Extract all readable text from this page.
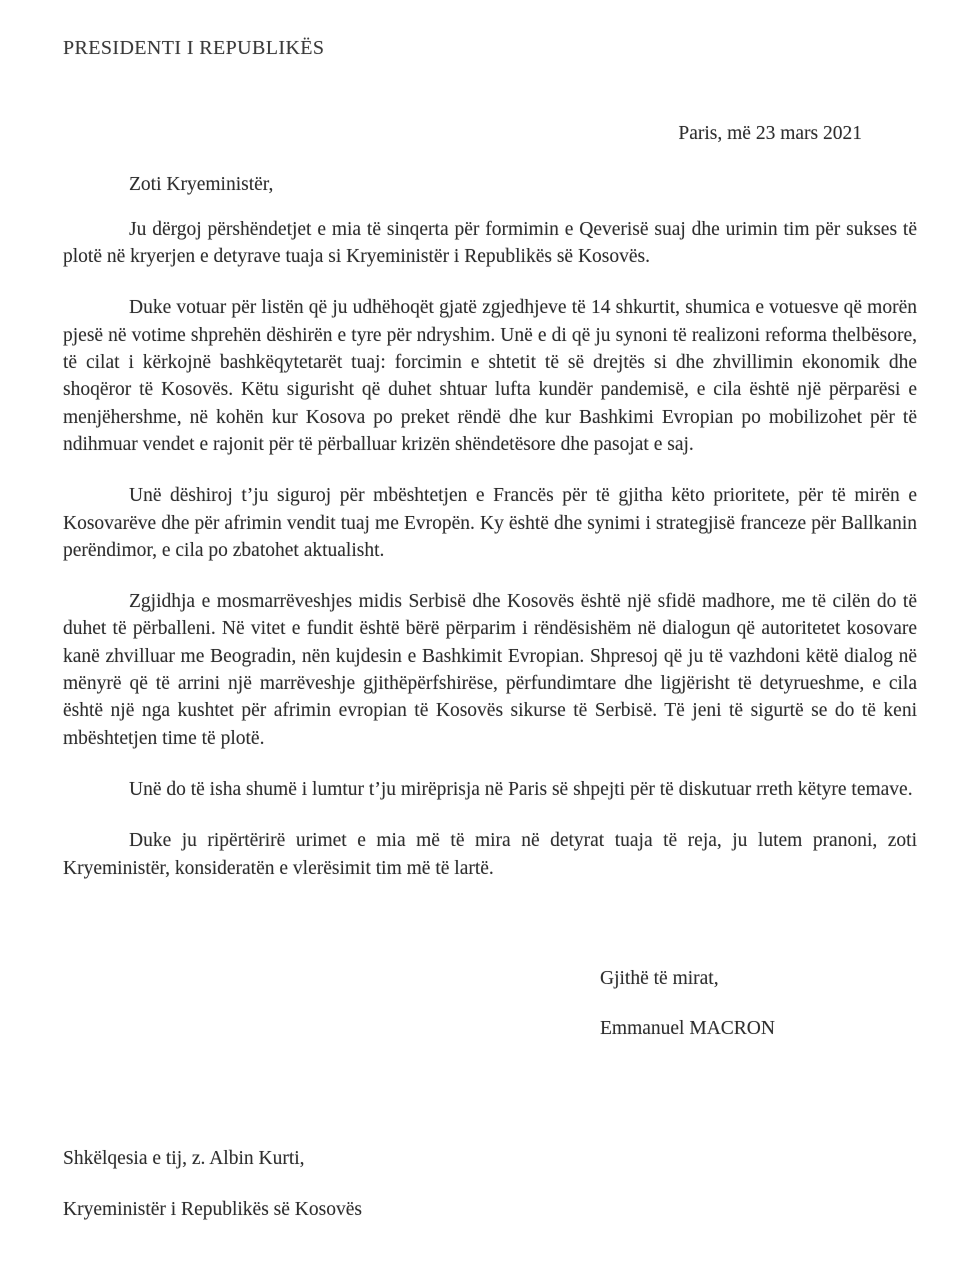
PRESIDENTI I REPUBLIKËS
Paris, më 23 mars 2021
Zoti Kryeministër,

Ju dërgoj përshëndetjet e mia të sinqerta për formimin e Qeverisë suaj dhe urimin tim për sukses të plotë në kryerjen e detyrave tuaja si Kryeministër i Republikës së Kosovës.

Duke votuar për listën që ju udhëhoqët gjatë zgjedhjeve të 14 shkurtit, shumica e votuesve që morën pjesë në votime shprehën dëshirën e tyre për ndryshim. Unë e di që ju synoni të realizoni reforma thelbësore, të cilat i kërkojnë bashkëqytetarët tuaj: forcimin e shtetit të së drejtës si dhe zhvillimin ekonomik dhe shoqëror të Kosovës. Këtu sigurisht që duhet shtuar lufta kundër pandemisë, e cila është një përparësi e menjëhershme, në kohën kur Kosova po preket rëndë dhe kur Bashkimi Evropian po mobilizohet për të ndihmuar vendet e rajonit për të përballuar krizën shëndetësore dhe pasojat e saj.

Unë dëshiroj t’ju siguroj për mbështetjen e Francës për të gjitha këto prioritete, për të mirën e Kosovarëve dhe për afrimin vendit tuaj me Evropën. Ky është dhe synimi i strategjisë franceze për Ballkanin perëndimor, e cila po zbatohet aktualisht.

Zgjidhja e mosmarrëveshjes midis Serbisë dhe Kosovës është një sfidë madhore, me të cilën do të duhet të përballeni. Në vitet e fundit është bërë përparim i rëndësishëm në dialogun që autoritetet kosovare kanë zhvilluar me Beogradin, nën kujdesin e Bashkimit Evropian. Shpresoj që ju të vazhdoni këtë dialog në mënyrë që të arrini një marrëveshje gjithëpërfshirëse, përfundimtare dhe ligjërisht të detyrueshme, e cila është një nga kushtet për afrimin evropian të Kosovës sikurse të Serbisë. Të jeni të sigurtë se do të keni mbështetjen time të plotë.

Unë do të isha shumë i lumtur t’ju mirëprisja në Paris së shpejti për të diskutuar rreth këtyre temave.

Duke ju ripërtërirë urimet e mia më të mira në detyrat tuaja të reja, ju lutem pranoni, zoti Kryeministër, konsideratën e vlerësimit tim më të lartë.

Gjithë të mirat,
Emmanuel MACRON
Shkëlqesia e tij, z. Albin Kurti,
Kryeministër i Republikës së Kosovës
